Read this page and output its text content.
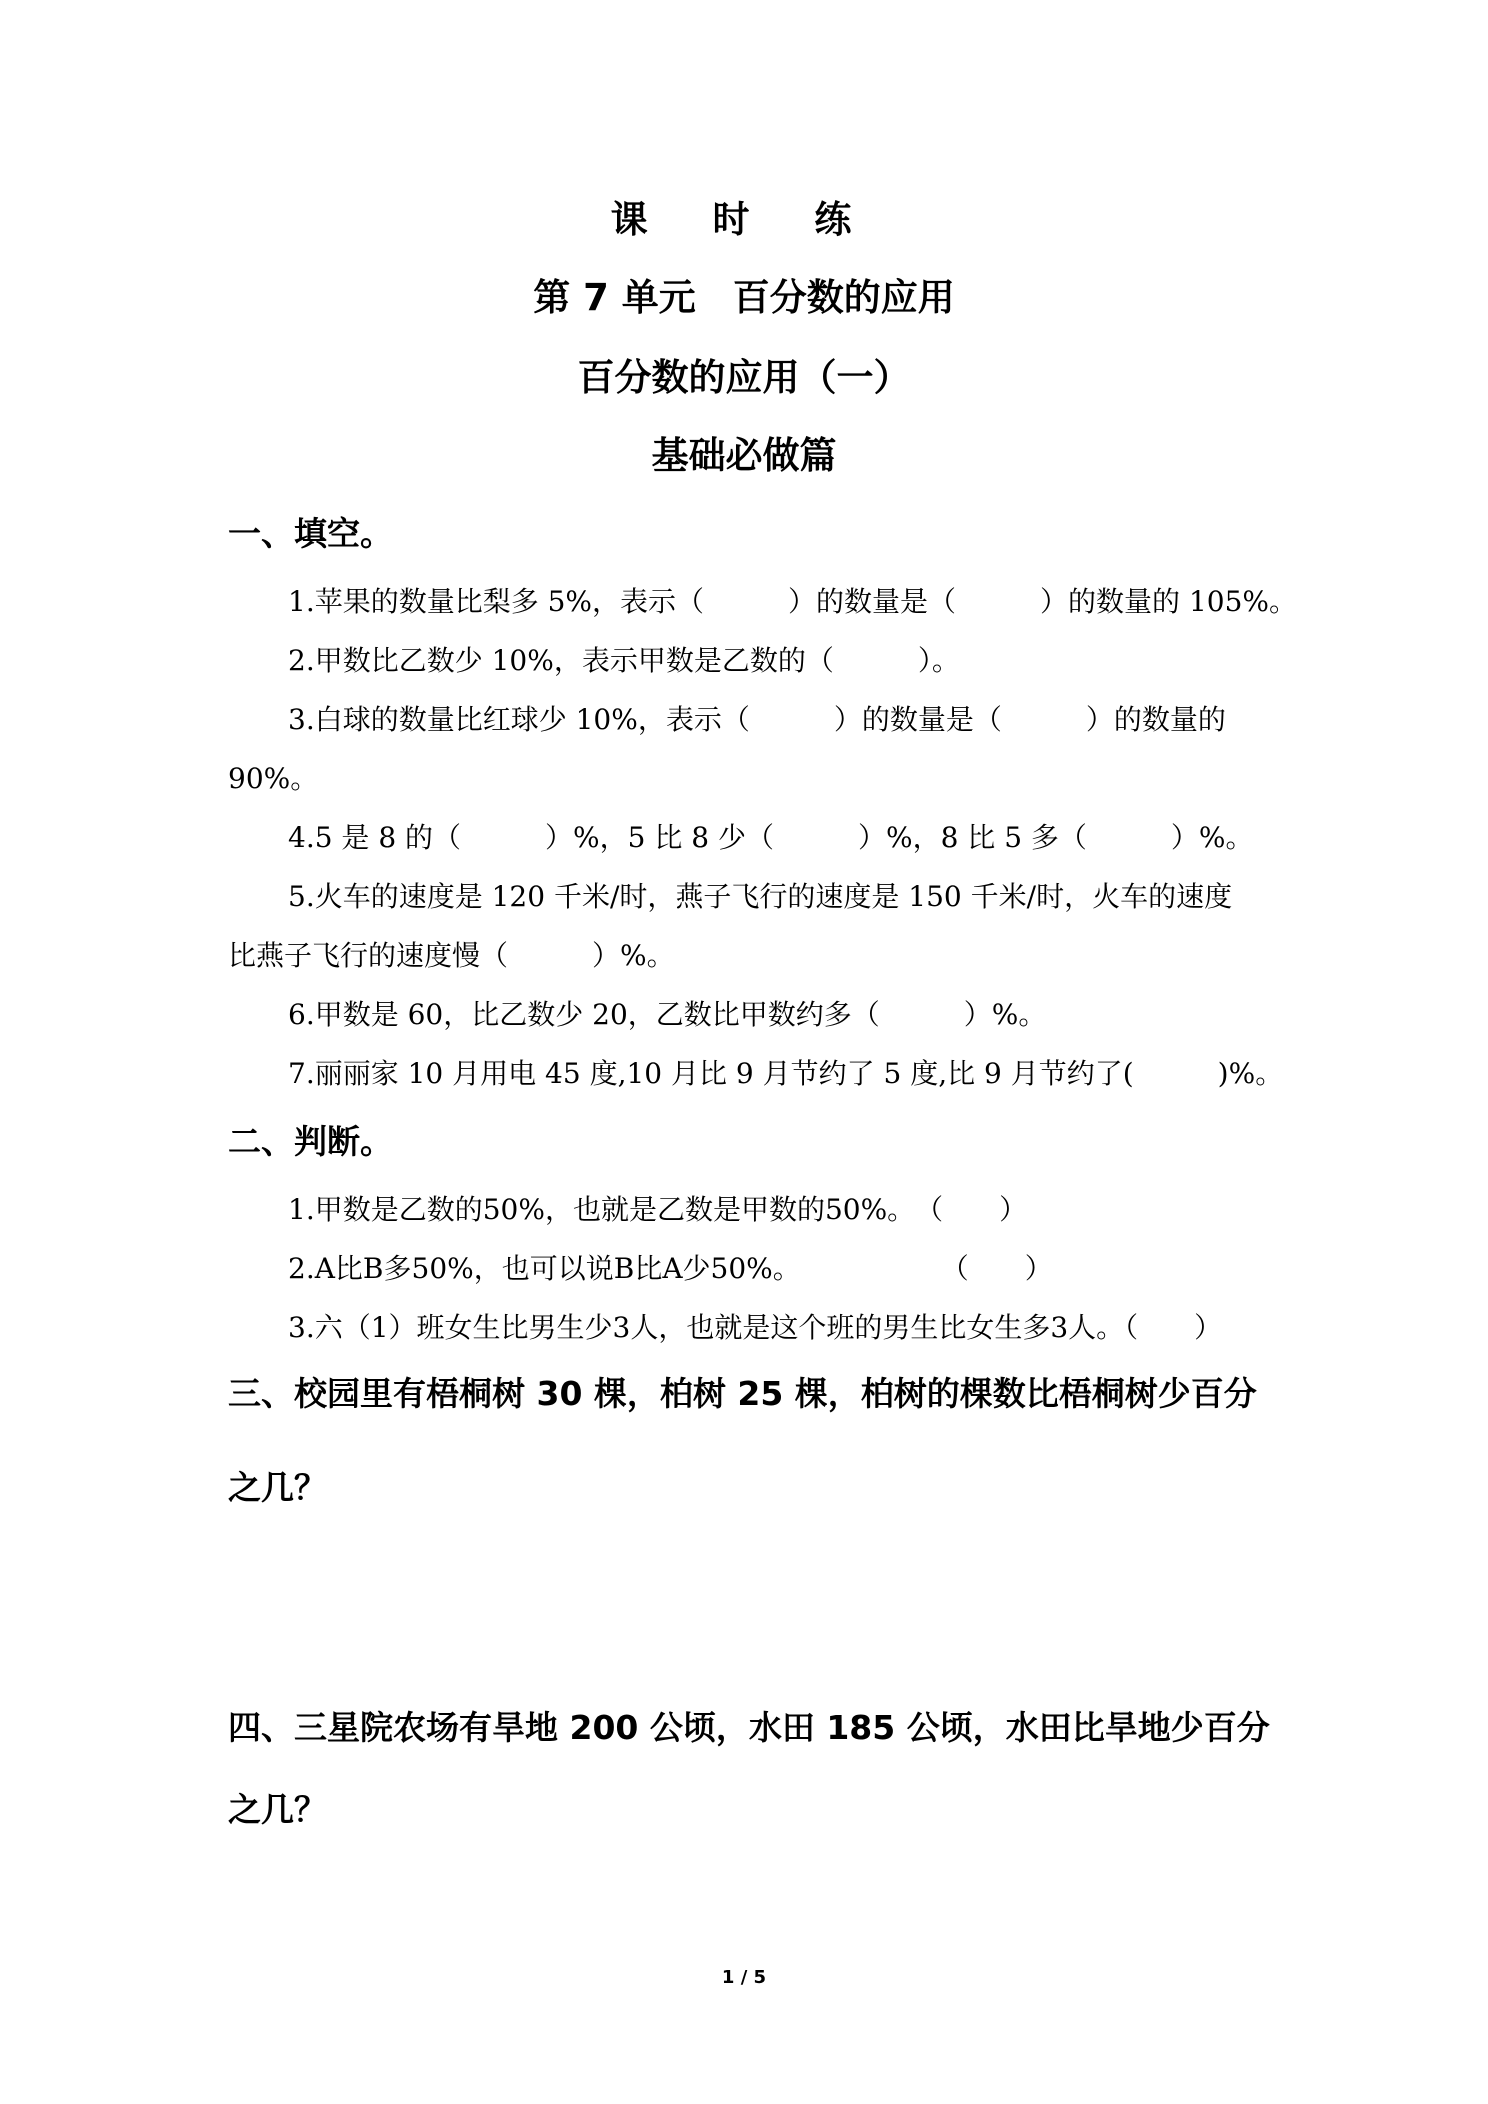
课 时 练
第 7 单元　百分数的应用
百分数的应用（一）
基础必做篇
一、填空。
1.苹果的数量比梨多 5%，表示（　　　）的数量是（　　　）的数量的 105%。
2.甲数比乙数少 10%，表示甲数是乙数的（　　　）。
3.白球的数量比红球少 10%，表示（　　　）的数量是（　　　）的数量的
90%。
4.5 是 8 的（　　　）%，5 比 8 少（　　　）%，8 比 5 多（　　　）%。
5.火车的速度是 120 千米/时，燕子飞行的速度是 150 千米/时，火车的速度
比燕子飞行的速度慢（　　　）%。
6.甲数是 60，比乙数少 20，乙数比甲数约多（　　　）%。
7.丽丽家 10 月用电 45 度,10 月比 9 月节约了 5 度,比 9 月节约了(　　　)%。
二、判断。
1.甲数是乙数的50%，也就是乙数是甲数的50%。　（　　）
2.A比B多50%，也可以说B比A少50%。　　　　　　（　　）
3.六（1）班女生比男生少3人，也就是这个班的男生比女生多3人。（　　）
三、校园里有梧桐树 30 棵，柏树 25 棵，柏树的棵数比梧桐树少百分
之几？
四、三星院农场有旱地 200 公顷，水田 185 公顷，水田比旱地少百分
之几？
1 / 5
